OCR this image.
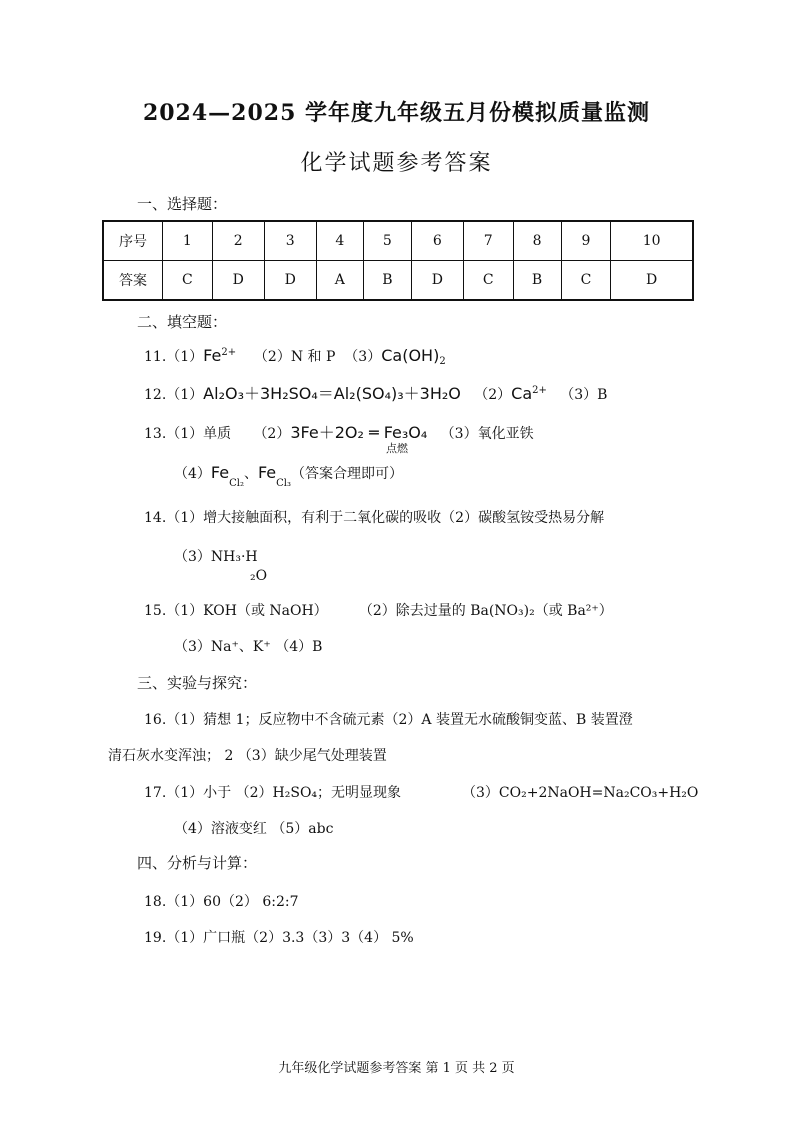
2024—2025 学年度九年级五月份模拟质量监测
化学试题参考答案
一、选择题：
序号	1	2	3	4	5	6	7	8	9	10
答案	C	D	D	A	B	D	C	B	C	D
二、填空题：
$11.(1)Fe^{2+}$ （2）N 和 P $(3)Ca(OH)_2$
12.（1）Al₂O₃＋3H₂SO₄＝Al₂(SO₄)₃＋3H₂O $(2)Ca^{2+}$ （3）B
13.（1）单质 （2）3Fe＋2O₂ ═ Fe₃O₄ （3）氧化亚铁
点燃
$(4)Fe_{Cl_2}$、$Fe_{Cl_3}$（答案合理即可）
14.（1）增大接触面积，有利于二氧化碳的吸收（2）碳酸氢铵受热易分解
（3）NH₃·H
₂O
15.（1）KOH（或 NaOH） （2）除去过量的 Ba(NO₃)₂（或 Ba²⁺）
（3）Na⁺、K⁺ （4）B
三、实验与探究：
16.（1）猜想 1；反应物中不含硫元素（2）A 装置无水硫酸铜变蓝、B 装置澄
清石灰水变浑浊； 2 （3）缺少尾气处理装置
17.（1）小于 （2）H₂SO₄；无明显现象	（3）CO₂+2NaOH=Na₂CO₃+H₂O
（4）溶液变红 （5）abc
四、分析与计算：
18.（1）60（2） 6:2:7
19.（1）广口瓶（2）3.3（3）3（4） 5%
九年级化学试题参考答案 第 1 页 共 2 页
